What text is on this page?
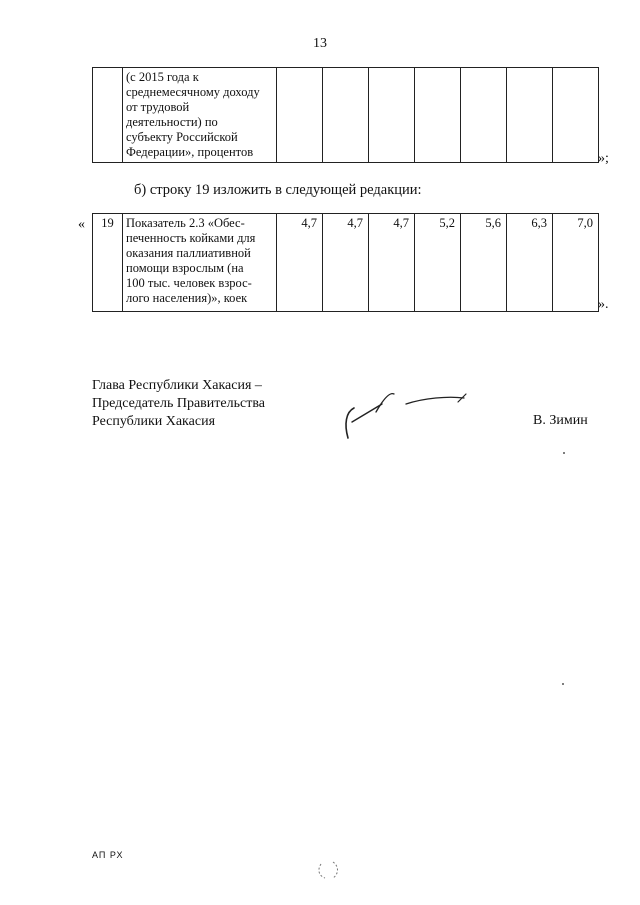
13

(с 2015 года к
среднемесячному доходу
от трудовой
деятельности) по
субъекту Российской
Федерации», процентов
								»;
б) строку 19 изложить в следующей редакции:
« 19	Показатель 2.3 «Обес-
печенность койками для
оказания паллиативной
помощи взрослым (на
100 тыс. человек взрос-
лого населения)», коек
	4,7	4,7	4,7	5,2	5,6	6,3	7,0
».
Глава Республики Хакасия –
Председатель Правительства
Республики Хакасия	В. Зимин
АП РХ
